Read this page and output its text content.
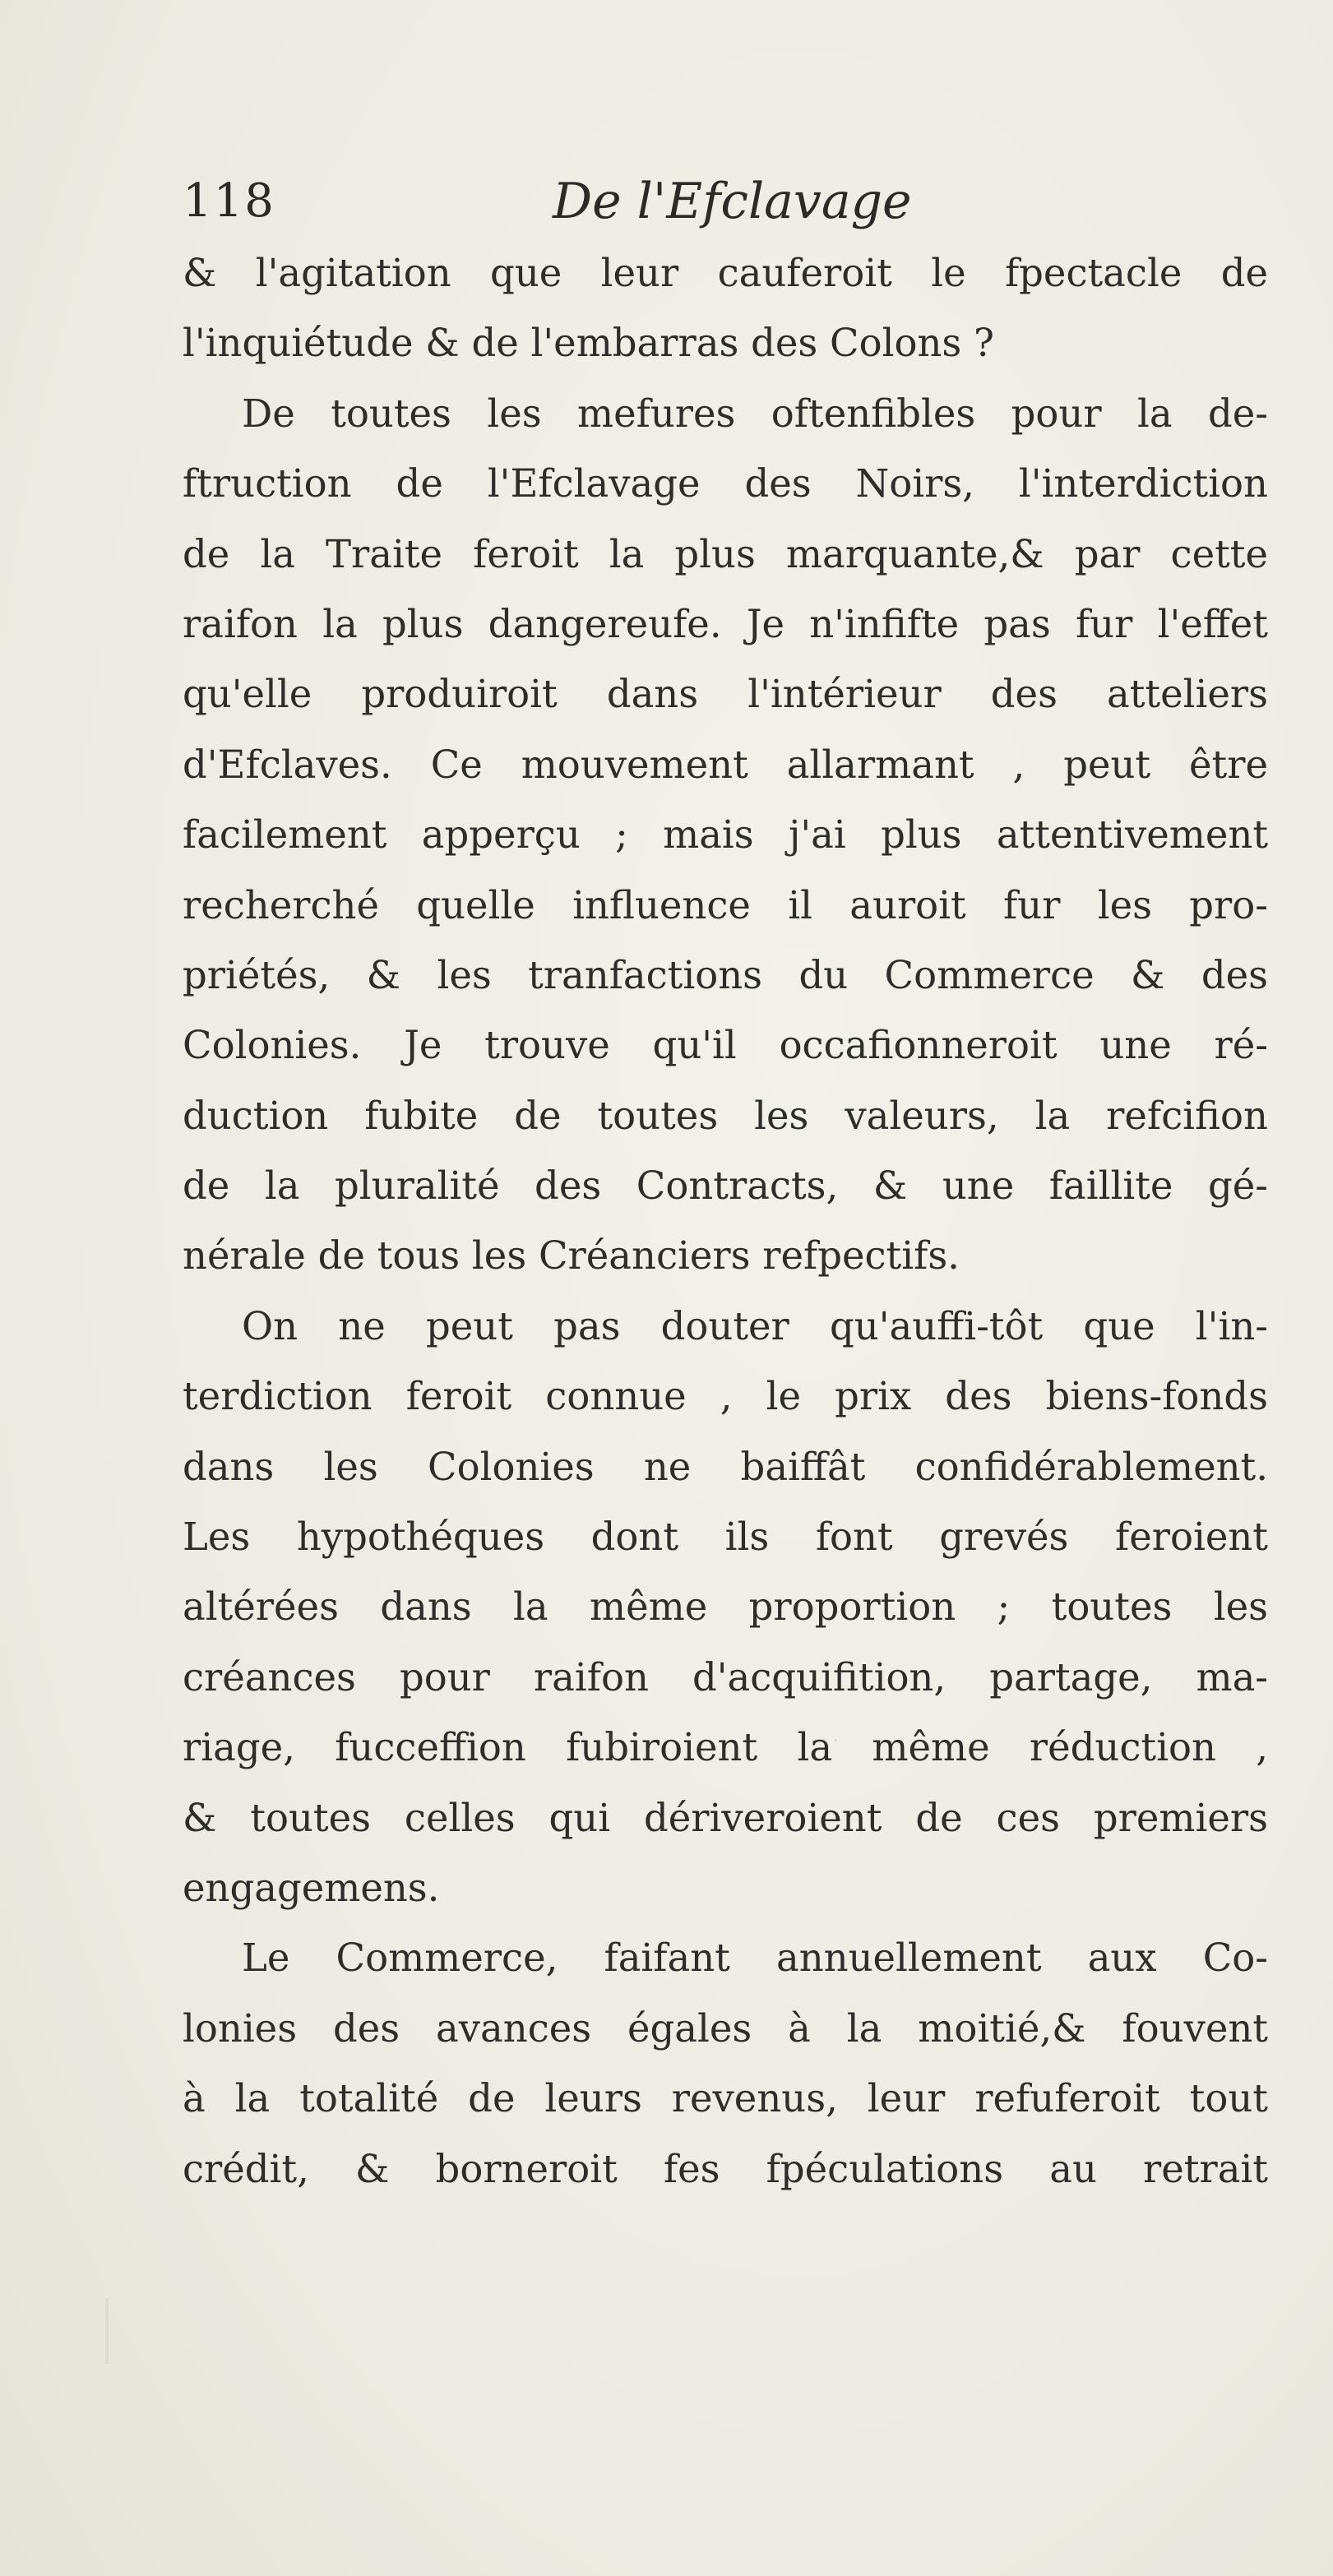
118	De l'Efclavage
& l'agitation que leur cauferoit le fpectacle de
l'inquiétude & de l'embarras des Colons ?
De toutes les mefures oftenfibles pour la de-
ftruction de l'Efclavage des Noirs, l'interdiction
de la Traite feroit la plus marquante,& par cette
raifon la plus dangereufe. Je n'infifte pas fur l'effet
qu'elle produiroit dans l'intérieur des atteliers
d'Efclaves. Ce mouvement allarmant , peut être
facilement apperçu ; mais j'ai plus attentivement
recherché quelle influence il auroit fur les pro-
priétés, & les tranfactions du Commerce & des
Colonies. Je trouve qu'il occafionneroit une ré-
duction fubite de toutes les valeurs, la refcifion
de la pluralité des Contracts, & une faillite gé-
nérale de tous les Créanciers refpectifs.
On ne peut pas douter qu'auffi-tôt que l'in-
terdiction feroit connue , le prix des biens-fonds
dans les Colonies ne baiffât confidérablement.
Les hypothéques dont ils font grevés feroient
altérées dans la même proportion ; toutes les
créances pour raifon d'acquifition, partage, ma-
riage, fucceffion fubiroient la même réduction ,
& toutes celles qui dériveroient de ces premiers
engagemens.
Le Commerce, faifant annuellement aux Co-
lonies des avances égales à la moitié,& fouvent
à la totalité de leurs revenus, leur refuferoit tout
crédit, & borneroit fes fpéculations au retrait
